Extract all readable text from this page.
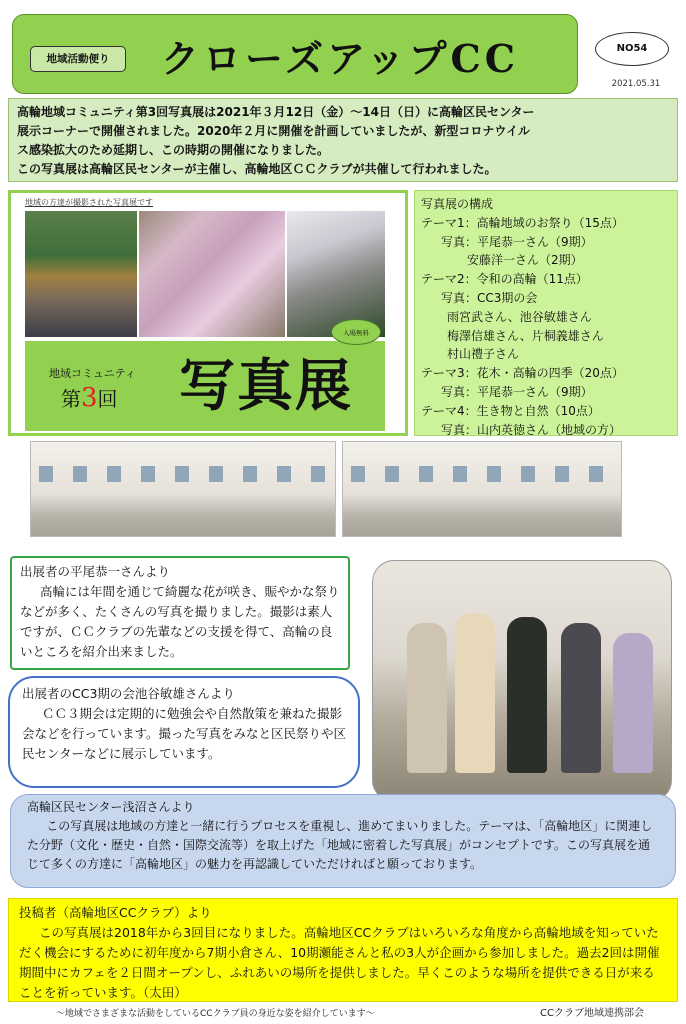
地域活動便り	クローズアップCC	NO54
2021.05.31
高輪地域コミュニティ第3回写真展は2021年３月12日（金）～14日（日）に高輪区民センター
展示コーナーで開催されました。2020年２月に開催を計画していましたが、新型コロナウイル
ス感染拡大のため延期し、この時期の開催になりました。
この写真展は高輪区民センターが主催し、高輪地区ＣＣクラブが共催して行われました。
地域の方達が撮影された写真展です
入場無料
地域コミュニティ
第3回 写真展
写真展の構成
テーマ1：高輪地域のお祭り（15点）
写真：平尾恭一さん（9期）
安藤洋一さん（2期）
テーマ2：令和の高輪（11点）
写真：CC3期の会
雨宮武さん、池谷敏雄さん
梅澤信雄さん、片桐義雄さん
村山禮子さん
テーマ3：花木・高輪の四季（20点）
写真：平尾恭一さん（9期）
テーマ4：生き物と自然（10点）
写真：山内英徳さん（地域の方）
出展者の平尾恭一さんより
高輪には年間を通じて綺麗な花が咲き、賑やかな祭りなどが多く、たくさんの写真を撮りました。撮影は素人ですが、ＣＣクラブの先輩などの支援を得て、高輪の良いところを紹介出来ました。
出展者のCC3期の会池谷敏雄さんより
ＣＣ３期会は定期的に勉強会や自然散策を兼ねた撮影会などを行っています。撮った写真をみなと区民祭りや区民センターなどに展示しています。
高輪区民センター浅沼さんより
この写真展は地域の方達と一緒に行うプロセスを重視し、進めてまいりました。テーマは、「高輪地区」に関連した分野（文化・歴史・自然・国際交流等）を取上げた「地域に密着した写真展」がコンセプトです。この写真展を通じて多くの方達に「高輪地区」の魅力を再認識していただければと願っております。
投稿者（高輪地区CCクラブ）より
この写真展は2018年から3回目になりました。高輪地区CCクラブはいろいろな角度から高輪地域を知っていただく機会にするために初年度から7期小倉さん、10期瀬能さんと私の3人が企画から参加しました。過去2回は開催期間中にカフェを２日間オープンし、ふれあいの場所を提供しました。早くこのような場所を提供できる日が来ることを祈っています。（太田）
～地域でさまざまな活動をしているCCクラブ員の身近な姿を紹介しています～	CCクラブ地域連携部会
